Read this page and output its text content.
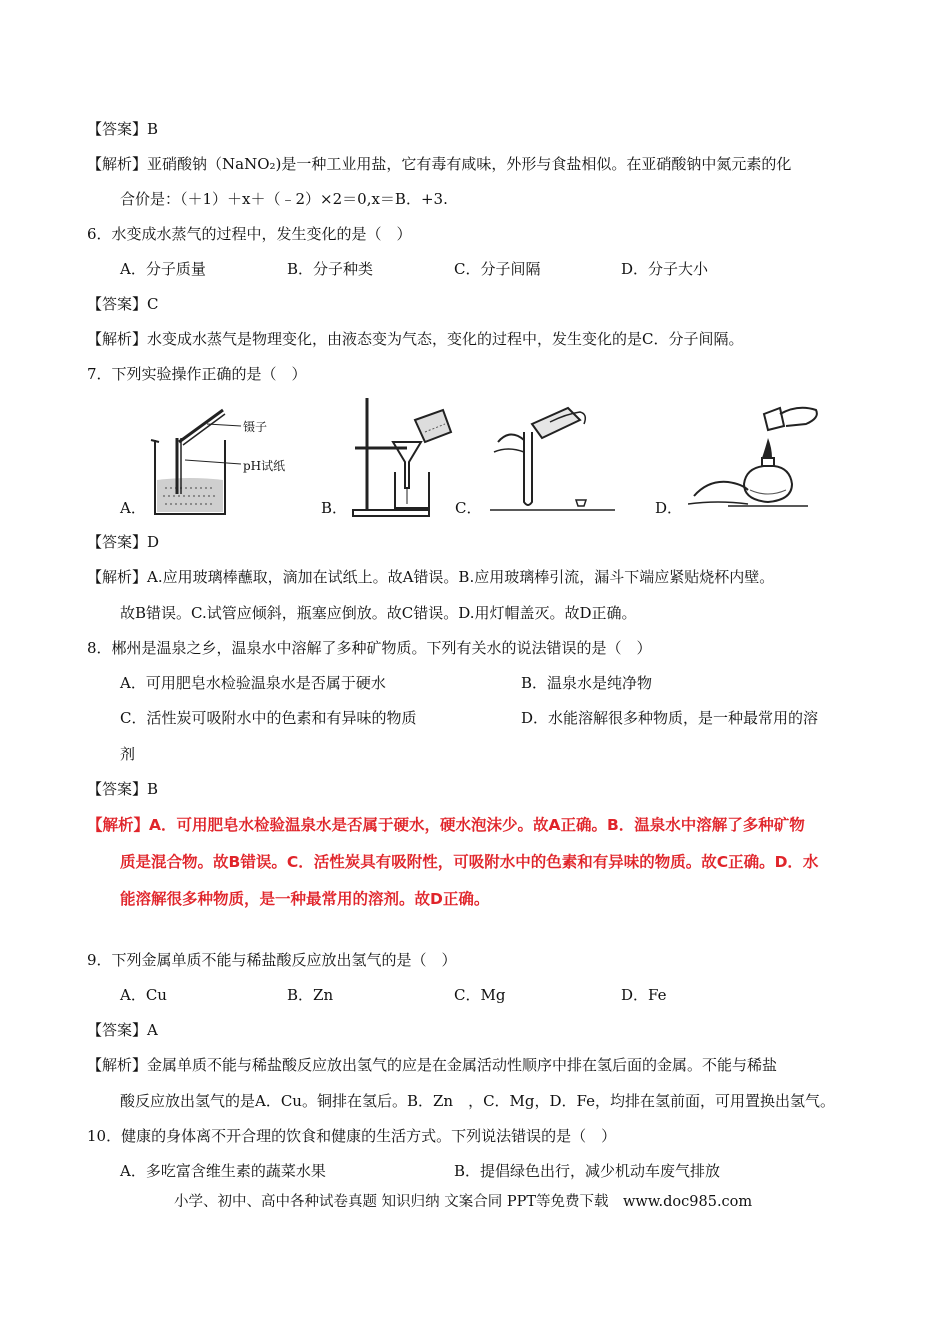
【答案】B
【解析】亚硝酸钠（NaNO₂)是一种工业用盐，它有毒有咸味，外形与食盐相似。在亚硝酸钠中氮元素的化
合价是：（＋1）＋x＋（﹣2）×2＝0,x＝B．+3.
6．水变成水蒸气的过程中，发生变化的是（　）
A．分子质量	B．分子种类	C．分子间隔	D．分子大小
【答案】C
【解析】水变成水蒸气是物理变化，由液态变为气态，变化的过程中，发生变化的是C．分子间隔。
7．下列实验操作正确的是（　）
镊子
pH试纸
A．	B．	C．	D．
【答案】D
【解析】A.应用玻璃棒蘸取，滴加在试纸上。故A错误。B.应用玻璃棒引流，漏斗下端应紧贴烧杯内壁。
故B错误。C.试管应倾斜，瓶塞应倒放。故C错误。D.用灯帽盖灭。故D正确。
8．郴州是温泉之乡，温泉水中溶解了多种矿物质。下列有关水的说法错误的是（　）
A．可用肥皂水检验温泉水是否属于硬水	B．温泉水是纯净物
C．活性炭可吸附水中的色素和有异味的物质	D．水能溶解很多种物质，是一种最常用的溶
剂
【答案】B
【解析】A．可用肥皂水检验温泉水是否属于硬水，硬水泡沫少。故A正确。B．温泉水中溶解了多种矿物
质是混合物。故B错误。C．活性炭具有吸附性，可吸附水中的色素和有异味的物质。故C正确。D．水
能溶解很多种物质，是一种最常用的溶剂。故D正确。
9．下列金属单质不能与稀盐酸反应放出氢气的是（　）
A．Cu	B．Zn	C．Mg	D．Fe
【答案】A
【解析】金属单质不能与稀盐酸反应放出氢气的应是在金属活动性顺序中排在氢后面的金属。不能与稀盐
酸反应放出氢气的是A．Cu。铜排在氢后。B．Zn　，C．Mg，D．Fe，均排在氢前面，可用置换出氢气。
10．健康的身体离不开合理的饮食和健康的生活方式。下列说法错误的是（　）
A．多吃富含维生素的蔬菜水果	B．提倡绿色出行，减少机动车废气排放
小学、初中、高中各种试卷真题 知识归纳 文案合同 PPT等免费下载　www.doc985.com
